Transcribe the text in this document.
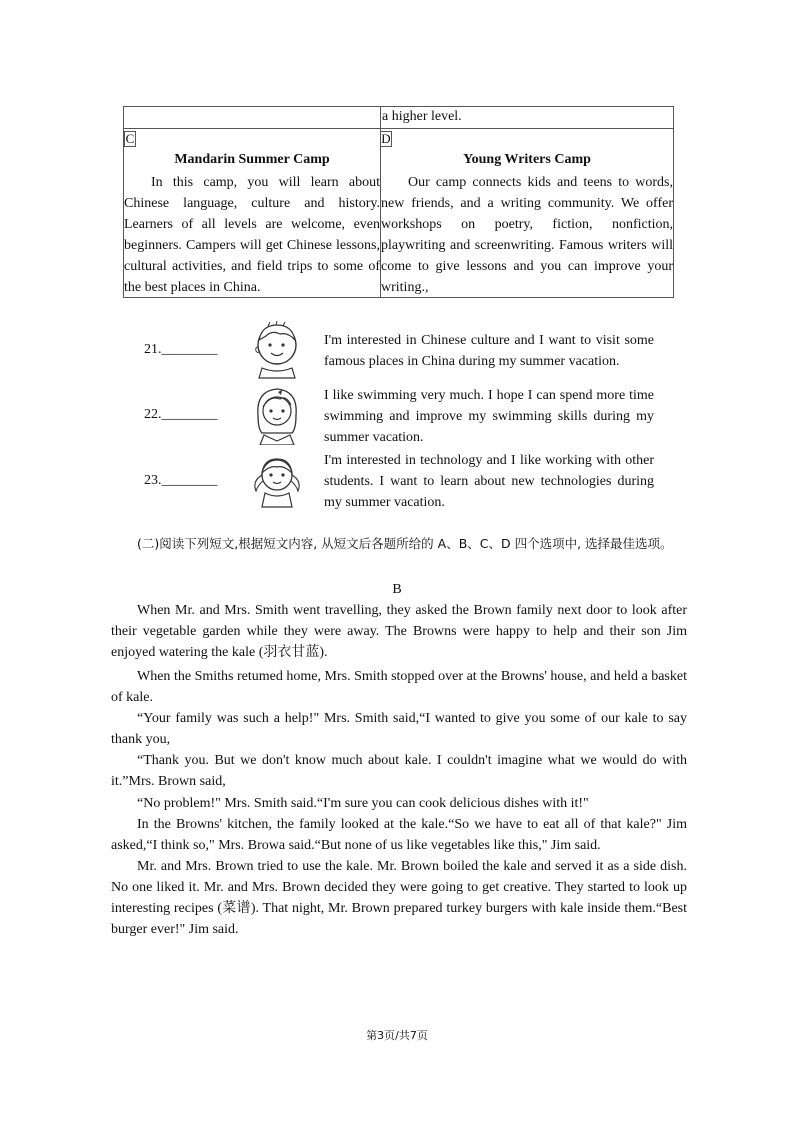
a higher level.
C
Mandarin Summer Camp
In this camp, you will learn about Chinese language, culture and history. Learners of all levels are welcome, even beginners. Campers will get Chinese lessons, cultural activities, and field trips to some of the best places in China.
D
Young Writers Camp
Our camp connects kids and teens to words, new friends, and a writing community. We offer workshops on poetry, fiction, nonfiction, playwriting and screenwriting. Famous writers will come to give lessons and you can improve your writing.,
21.________
I'm interested in Chinese culture and I want to visit some famous places in China during my summer vacation.
22.________
I like swimming very much. I hope I can spend more time swimming and improve my swimming skills during my summer vacation.
23.________
I'm interested in technology and I like working with other students. I want to learn about new technologies during my summer vacation.
(二)阅读下列短文,根据短文内容, 从短文后各题所给的 A、B、C、D 四个选项中, 选择最佳选项。
B

When Mr. and Mrs. Smith went travelling, they asked the Brown family next door to look after their vegetable garden while they were away. The Browns were happy to help and their son Jim enjoyed watering the kale (羽衣甘蓝).

When the Smiths retumed home, Mrs. Smith stopped over at the Browns' house, and held a basket of kale.

“Your family was such a help!" Mrs. Smith said,“I wanted to give you some of our kale to say thank you,

“Thank you. But we don't know much about kale. I couldn't imagine what we would do with it.”Mrs. Brown said,

“No problem!" Mrs. Smith said.“I'm sure you can cook delicious dishes with it!"

In the Browns' kitchen, the family looked at the kale.“So we have to eat all of that kale?" Jim asked,“I think so," Mrs. Browa said.“But none of us like vegetables like this," Jim said.

Mr. and Mrs. Brown tried to use the kale. Mr. Brown boiled the kale and served it as a side dish. No one liked it. Mr. and Mrs. Brown decided they were going to get creative. They started to look up interesting recipes (菜谱). That night, Mr. Brown prepared turkey burgers with kale inside them.“Best burger ever!" Jim said.

第3页/共7页
